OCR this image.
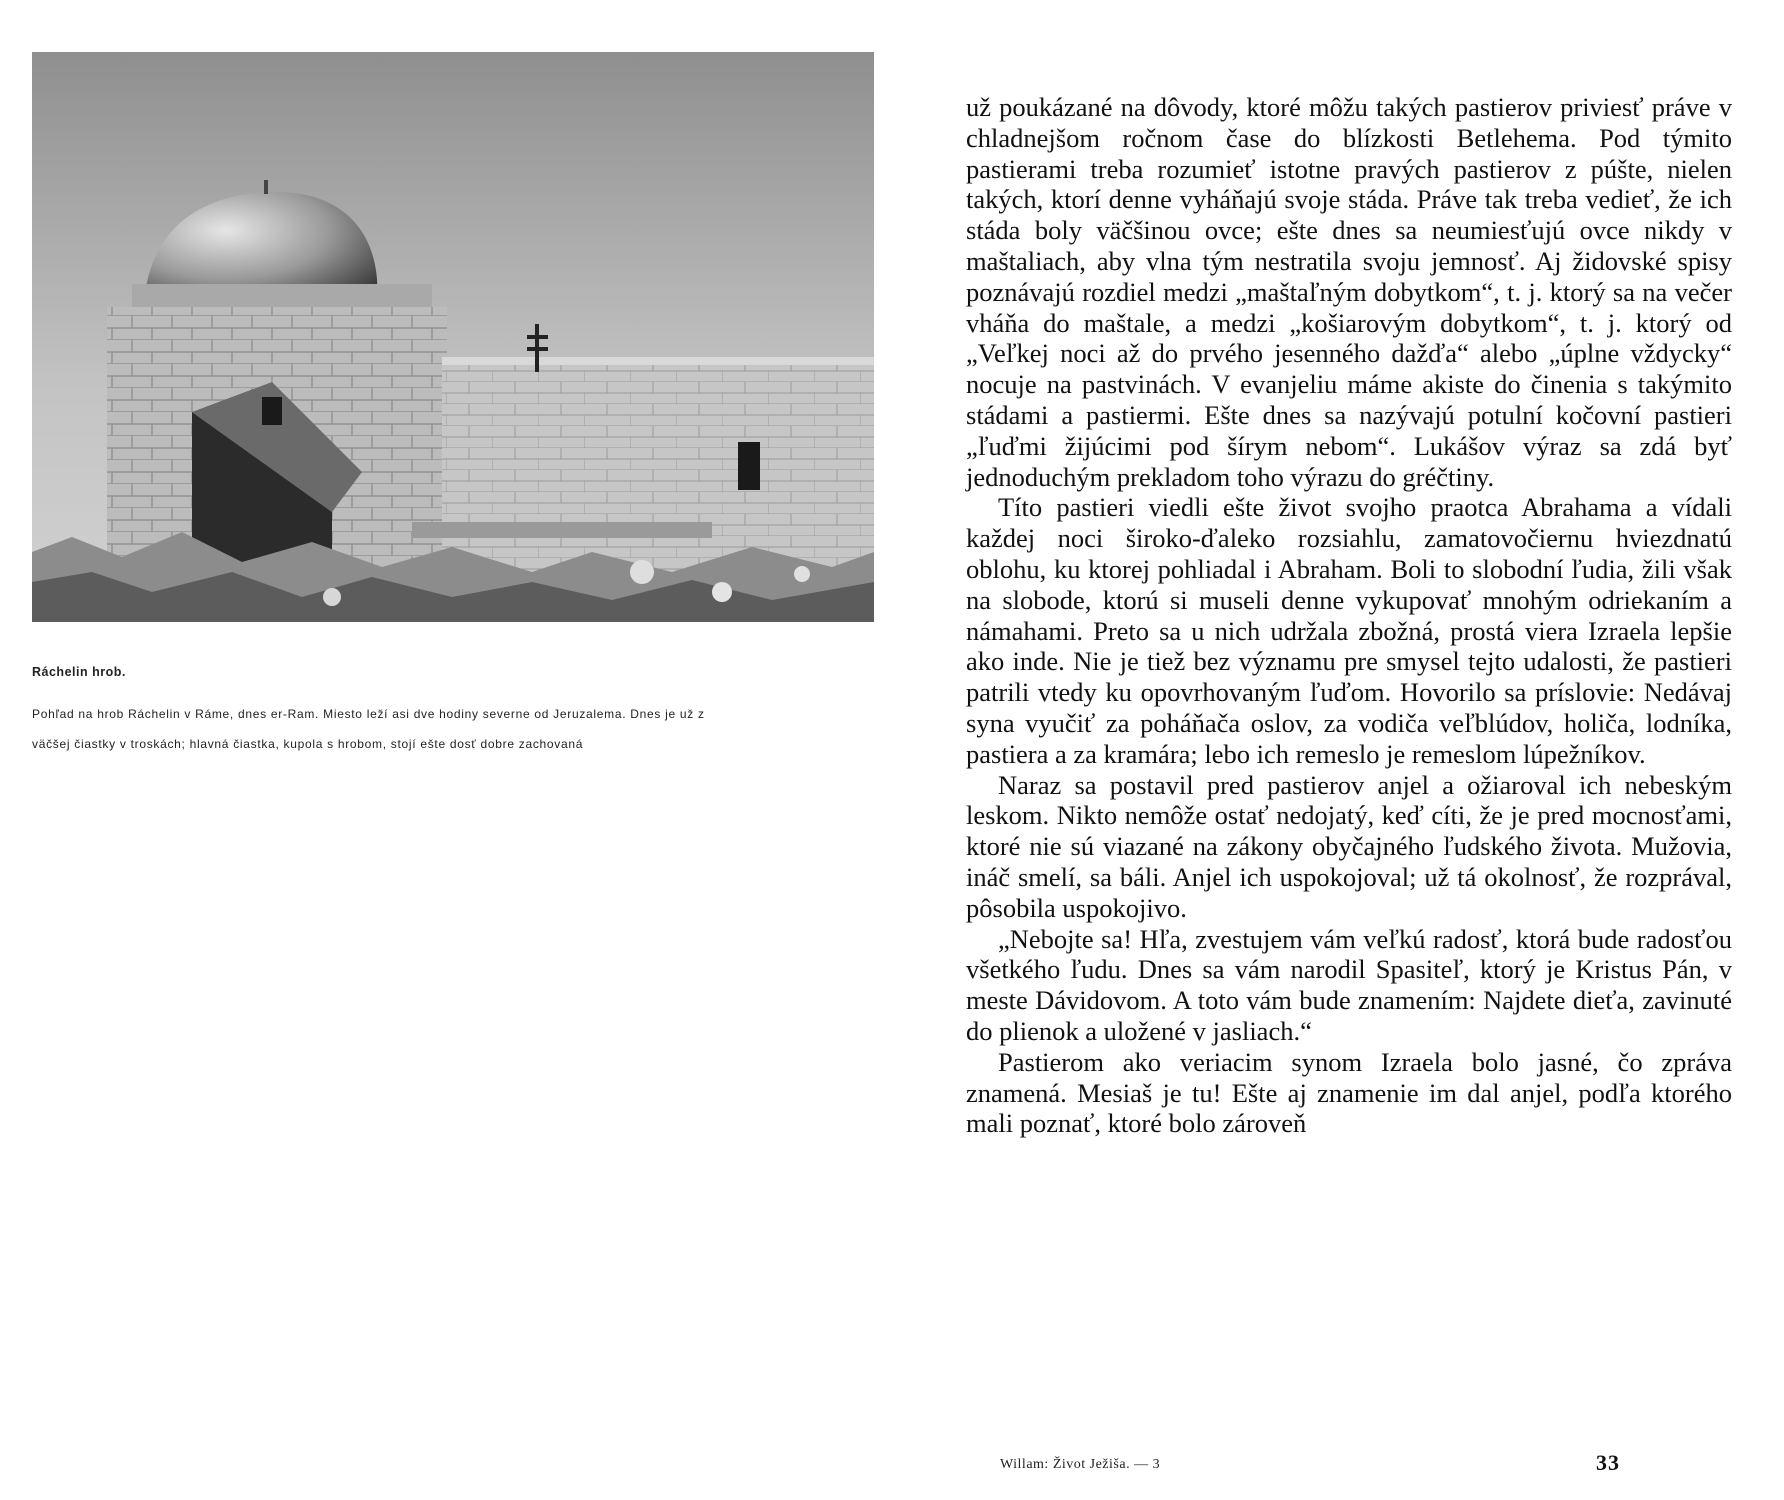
Ráchelin hrob.

Pohľad na hrob Ráchelin v Ráme, dnes er-Ram. Miesto leží asi dve hodiny severne od Jeruzalema. Dnes je už z väčšej čiastky v troskách; hlavná čiastka, kupola s hrobom, stojí ešte dosť dobre zachovaná

už poukázané na dôvody, ktoré môžu takých pastierov priviesť práve v chladnejšom ročnom čase do blízkosti Betlehema. Pod týmito pastierami treba rozumieť istotne pravých pastierov z púšte, nielen takých, ktorí denne vyháňajú svoje stáda. Práve tak treba vedieť, že ich stáda boly väčšinou ovce; ešte dnes sa neumiesťujú ovce nikdy v maštaliach, aby vlna tým nestratila svoju jemnosť. Aj židovské spisy poznávajú rozdiel medzi „maštaľným dobytkom“, t. j. ktorý sa na večer vháňa do maštale, a medzi „košiarovým dobytkom“, t. j. ktorý od „Veľkej noci až do prvého jesenného dažďa“ alebo „úplne vždycky“ nocuje na pastvinách. V evanjeliu máme akiste do činenia s takýmito stádami a pastiermi. Ešte dnes sa nazývajú potulní kočovní pastieri „ľuďmi žijúcimi pod šírym nebom“. Lukášov výraz sa zdá byť jednoduchým prekladom toho výrazu do gréčtiny.

Títo pastieri viedli ešte život svojho praotca Abrahama a vídali každej noci široko-ďaleko rozsiahlu, zamatovočiernu hviezdnatú oblohu, ku ktorej pohliadal i Abraham. Boli to slobodní ľudia, žili však na slobode, ktorú si museli denne vykupovať mnohým odriekaním a námahami. Preto sa u nich udržala zbožná, prostá viera Izraela lepšie ako inde. Nie je tiež bez významu pre smysel tejto udalosti, že pastieri patrili vtedy ku opovrhovaným ľuďom. Hovorilo sa príslovie: Nedávaj syna vyučiť za poháňača oslov, za vodiča veľblúdov, holiča, lodníka, pastiera a za kramára; lebo ich remeslo je remeslom lúpežníkov.

Naraz sa postavil pred pastierov anjel a ožiaroval ich nebeským leskom. Nikto nemôže ostať nedojatý, keď cíti, že je pred mocnosťami, ktoré nie sú viazané na zákony obyčajného ľudského života. Mužovia, ináč smelí, sa báli. Anjel ich uspokojoval; už tá okolnosť, že rozprával, pôsobila uspokojivo.

„Nebojte sa! Hľa, zvestujem vám veľkú radosť, ktorá bude radosťou všetkého ľudu. Dnes sa vám narodil Spasiteľ, ktorý je Kristus Pán, v meste Dávidovom. A toto vám bude znamením: Najdete dieťa, zavinuté do plienok a uložené v jasliach.“

Pastierom ako veriacim synom Izraela bolo jasné, čo zpráva znamená. Mesiaš je tu! Ešte aj znamenie im dal anjel, podľa ktorého mali poznať, ktoré bolo zároveň

Willam: Život Ježiša. — 3	33
